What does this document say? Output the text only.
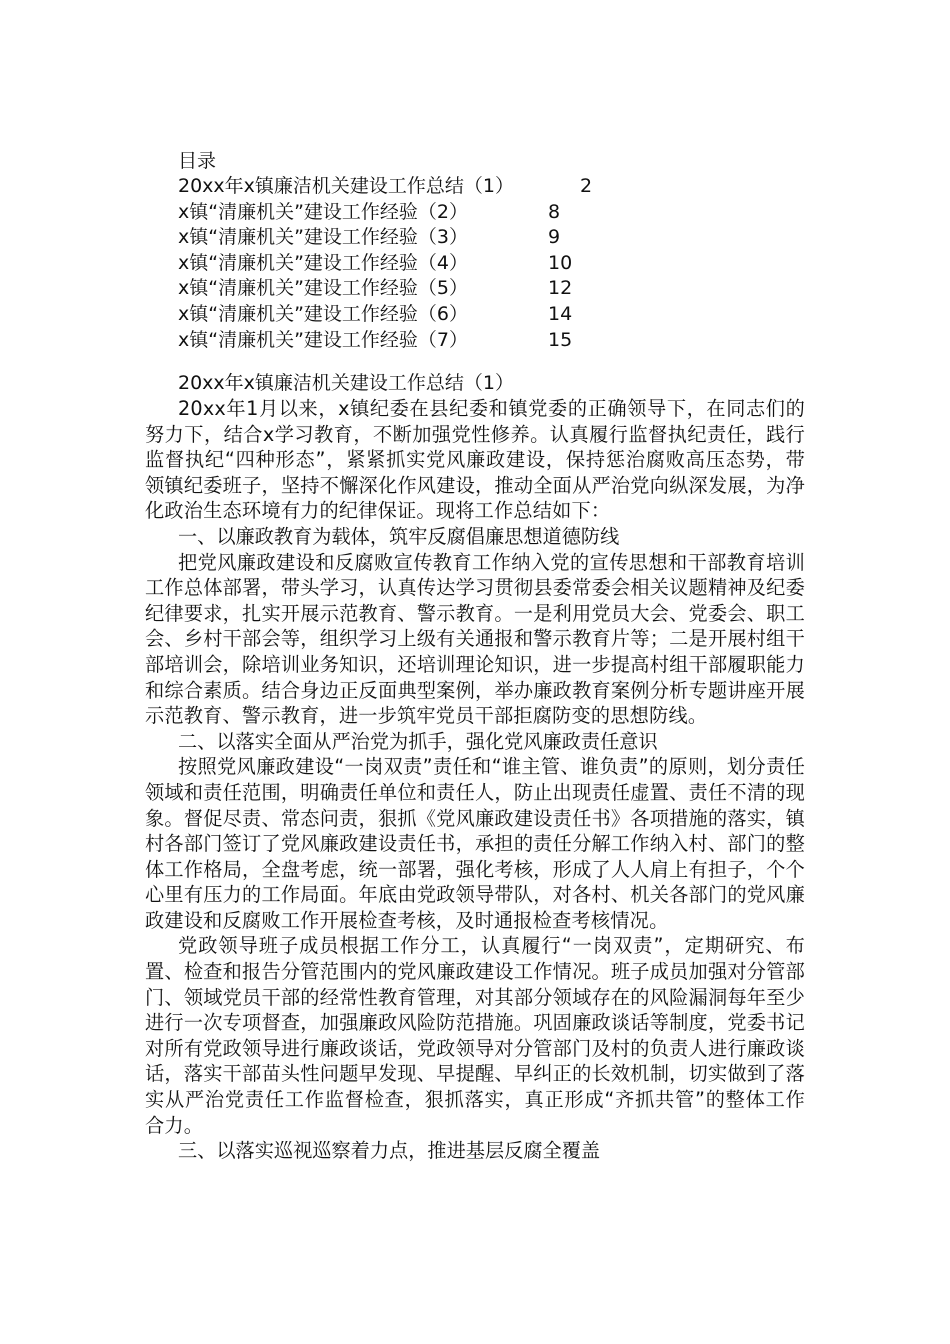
目录

20xx年x镇廉洁机关建设工作总结（1）	2
x镇“清廉机关”建设工作经验（2）	8
x镇“清廉机关”建设工作经验（3）	9
x镇“清廉机关”建设工作经验（4）	10
x镇“清廉机关”建设工作经验（5）	12
x镇“清廉机关”建设工作经验（6）	14
x镇“清廉机关”建设工作经验（7）	15
20xx年x镇廉洁机关建设工作总结（1）

20xx年1月以来，x镇纪委在县纪委和镇党委的正确领导下，在同志们的努力下，结合x学习教育，不断加强党性修养。认真履行监督执纪责任，践行监督执纪“四种形态”，紧紧抓实党风廉政建设，保持惩治腐败高压态势，带领镇纪委班子，坚持不懈深化作风建设，推动全面从严治党向纵深发展，为净化政治生态环境有力的纪律保证。现将工作总结如下：

一、以廉政教育为载体，筑牢反腐倡廉思想道德防线

把党风廉政建设和反腐败宣传教育工作纳入党的宣传思想和干部教育培训工作总体部署，带头学习，认真传达学习贯彻县委常委会相关议题精神及纪委纪律要求，扎实开展示范教育、警示教育。一是利用党员大会、党委会、职工会、乡村干部会等，组织学习上级有关通报和警示教育片等；二是开展村组干部培训会，除培训业务知识，还培训理论知识，进一步提高村组干部履职能力和综合素质。结合身边正反面典型案例，举办廉政教育案例分析专题讲座开展示范教育、警示教育，进一步筑牢党员干部拒腐防变的思想防线。

二、以落实全面从严治党为抓手，强化党风廉政责任意识

按照党风廉政建设“一岗双责”责任和“谁主管、谁负责”的原则，划分责任领域和责任范围，明确责任单位和责任人，防止出现责任虚置、责任不清的现象。督促尽责、常态问责，狠抓《党风廉政建设责任书》各项措施的落实，镇村各部门签订了党风廉政建设责任书，承担的责任分解工作纳入村、部门的整体工作格局，全盘考虑，统一部署，强化考核，形成了人人肩上有担子，个个心里有压力的工作局面。年底由党政领导带队，对各村、机关各部门的党风廉政建设和反腐败工作开展检查考核，及时通报检查考核情况。

党政领导班子成员根据工作分工，认真履行“一岗双责”，定期研究、布置、检查和报告分管范围内的党风廉政建设工作情况。班子成员加强对分管部门、领域党员干部的经常性教育管理，对其部分领域存在的风险漏洞每年至少进行一次专项督查，加强廉政风险防范措施。巩固廉政谈话等制度，党委书记对所有党政领导进行廉政谈话，党政领导对分管部门及村的负责人进行廉政谈话，落实干部苗头性问题早发现、早提醒、早纠正的长效机制，切实做到了落实从严治党责任工作监督检查，狠抓落实，真正形成“齐抓共管”的整体工作合力。

三、以落实巡视巡察着力点，推进基层反腐全覆盖
